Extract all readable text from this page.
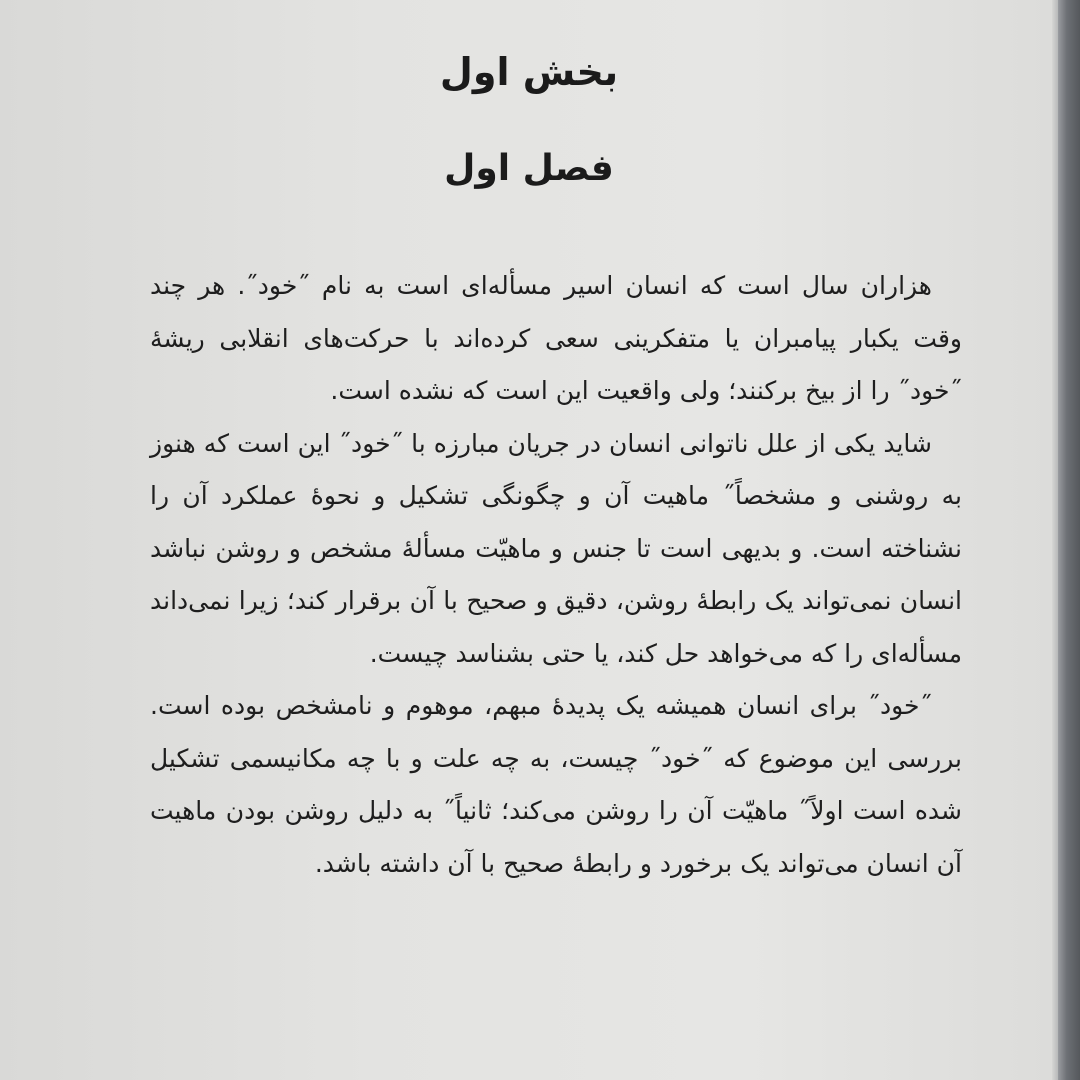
بخش اول
فصل اول

هزاران سال است که انسان اسیر مسأله‌ای است به نام ˝خود˝. هر چند وقت یکبار پیامبران یا متفکرینی سعی کرده‌اند با حرکت‌های انقلابی ریشهٔ ˝خود˝ را از بیخ برکنند؛ ولی واقعیت این است که نشده است.

شاید یکی از علل ناتوانی انسان در جریان مبارزه با ˝خود˝ این است که هنوز به روشنی و مشخصاً˝ ماهیت آن و چگونگی تشکیل و نحوهٔ عملکرد آن را نشناخته است. و بدیهی است تا جنس و ماهیّت مسألهٔ مشخص و روشن نباشد انسان نمی‌تواند یک رابطهٔ روشن، دقیق و صحیح با آن برقرار کند؛ زیرا نمی‌داند مسأله‌ای را که می‌خواهد حل کند، یا حتی بشناسد چیست.

˝خود˝ برای انسان همیشه یک پدیدهٔ مبهم، موهوم و نامشخص بوده است. بررسی این موضوع که ˝خود˝ چیست، به چه علت و با چه مکانیسمی تشکیل شده است اولاً˝ ماهیّت آن را روشن می‌کند؛ ثانیاً˝ به دلیل روشن بودن ماهیت آن انسان می‌تواند یک برخورد و رابطهٔ صحیح با آن داشته باشد.
